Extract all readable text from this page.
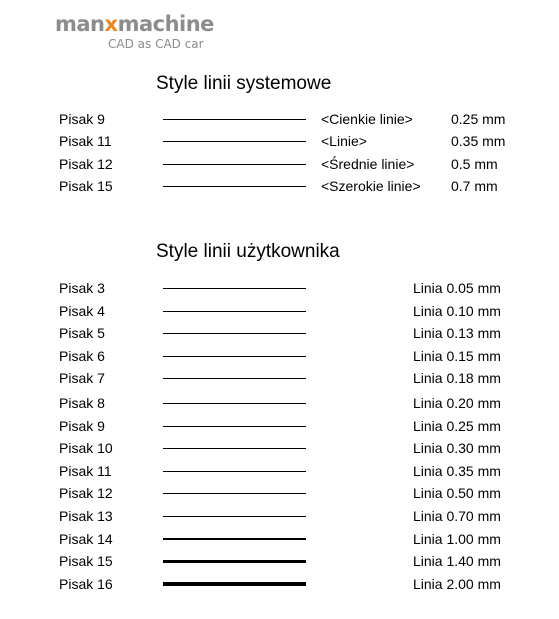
manxmachine
CAD as CAD car
Style linii systemowe
Pisak 9	<Cienkie linie>	0.25 mm
Pisak 11	<Linie>	0.35 mm
Pisak 12	<Średnie linie>	0.5 mm
Pisak 15	<Szerokie linie> 0.7 mm
Style linii użytkownika
Pisak 3	Linia 0.05 mm
Pisak 4	Linia 0.10 mm
Pisak 5	Linia 0.13 mm
Pisak 6	Linia 0.15 mm
Pisak 7	Linia 0.18 mm
Pisak 8	Linia 0.20 mm
Pisak 9	Linia 0.25 mm
Pisak 10	Linia 0.30 mm
Pisak 11	Linia 0.35 mm
Pisak 12	Linia 0.50 mm
Pisak 13	Linia 0.70 mm
Pisak 14	Linia 1.00 mm
Pisak 15	Linia 1.40 mm
Pisak 16	Linia 2.00 mm
